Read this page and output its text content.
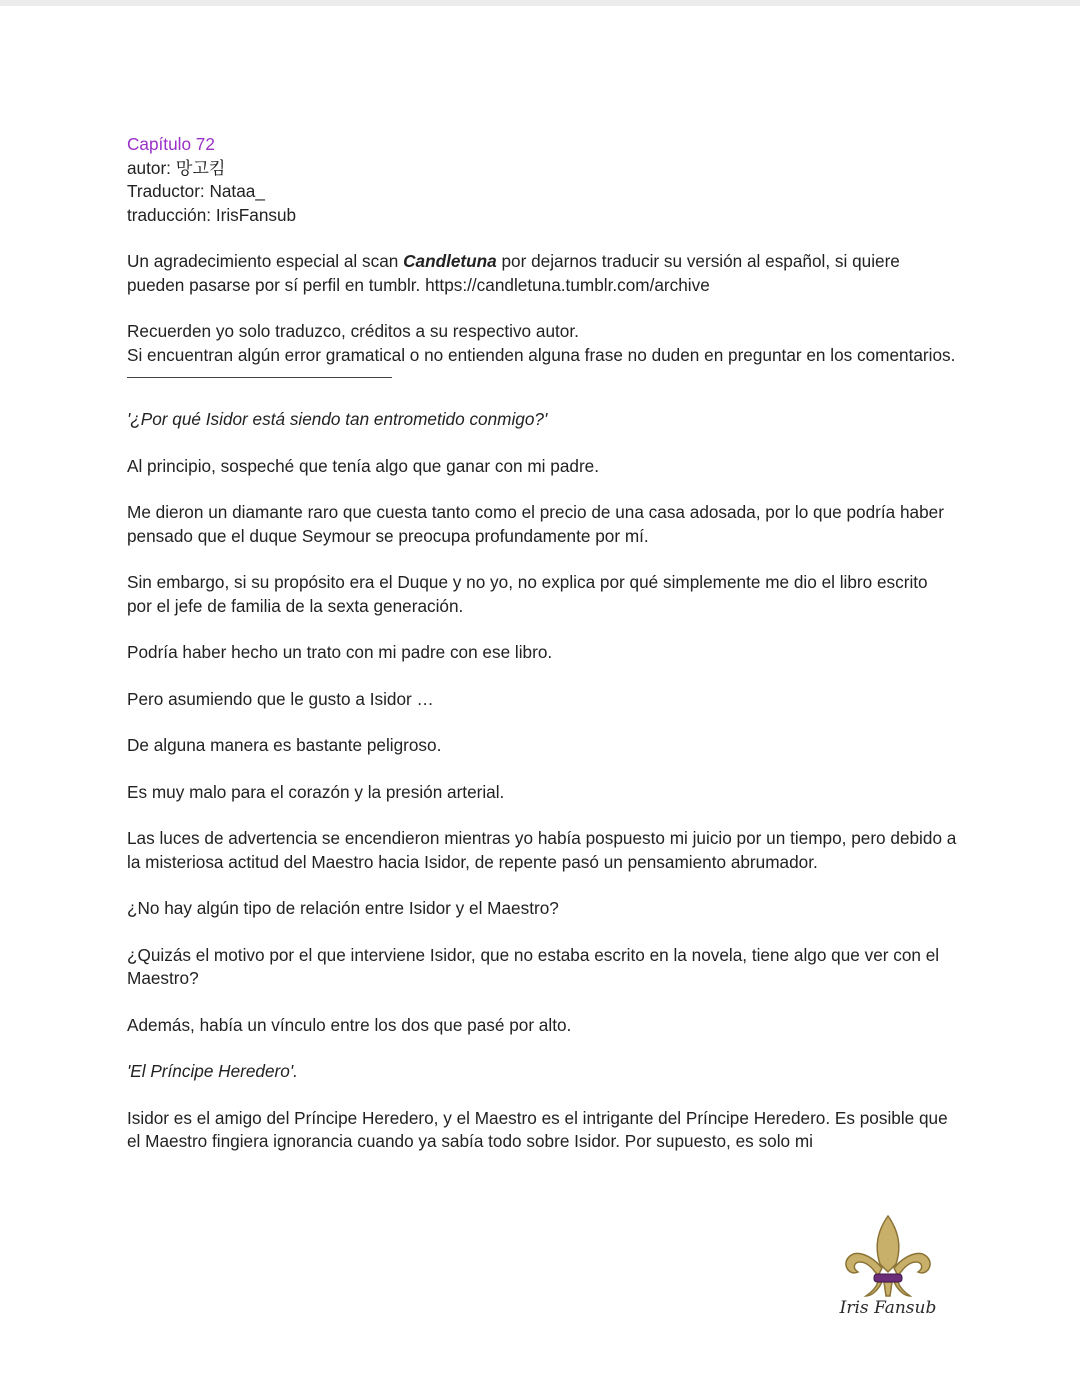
Capítulo 72

autor: 망고킴

Traductor: Nataa_

traducción: IrisFansub

Un agradecimiento especial al scan Candletuna por dejarnos traducir su versión al español, si quiere pueden pasarse por sí perfil en tumblr. https://candletuna.tumblr.com/archive

Recuerden yo solo traduzco, créditos a su respectivo autor.
Si encuentran algún error gramatical o no entienden alguna frase no duden en preguntar en los comentarios.

'¿Por qué Isidor está siendo tan entrometido conmigo?'

Al principio, sospeché que tenía algo que ganar con mi padre.

Me dieron un diamante raro que cuesta tanto como el precio de una casa adosada, por lo que podría haber pensado que el duque Seymour se preocupa profundamente por mí.

Sin embargo, si su propósito era el Duque y no yo, no explica por qué simplemente me dio el libro escrito por el jefe de familia de la sexta generación.

Podría haber hecho un trato con mi padre con ese libro.

Pero asumiendo que le gusto a Isidor …

De alguna manera es bastante peligroso.

Es muy malo para el corazón y la presión arterial.

Las luces de advertencia se encendieron mientras yo había pospuesto mi juicio por un tiempo, pero debido a la misteriosa actitud del Maestro hacia Isidor, de repente pasó un pensamiento abrumador.

¿No hay algún tipo de relación entre Isidor y el Maestro?

¿Quizás el motivo por el que interviene Isidor, que no estaba escrito en la novela, tiene algo que ver con el Maestro?

Además, había un vínculo entre los dos que pasé por alto.

'El Príncipe Heredero'.

Isidor es el amigo del Príncipe Heredero, y el Maestro es el intrigante del Príncipe Heredero. Es posible que el Maestro fingiera ignorancia cuando ya sabía todo sobre Isidor. Por supuesto, es solo mi

Iris Fansub
